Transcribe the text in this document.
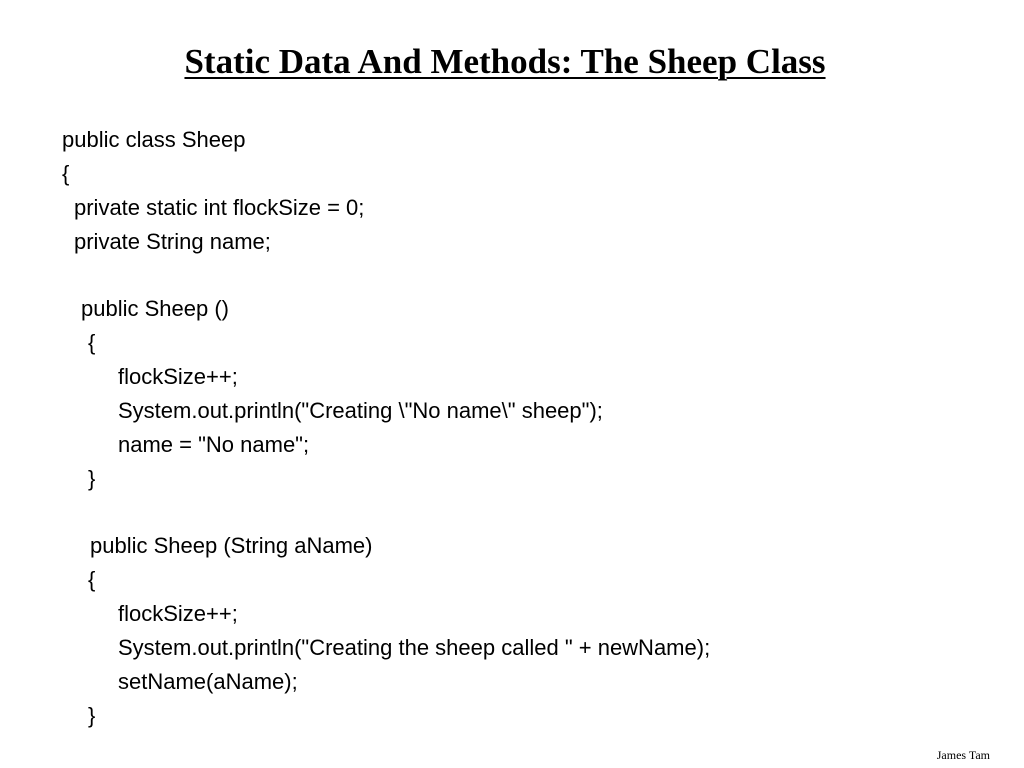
Static Data And Methods: The Sheep Class
public class Sheep
{
private static int flockSize = 0;
private String name;
public Sheep ()
{
flockSize++;
System.out.println("Creating \"No name\" sheep");
name = "No name";
}
public Sheep (String aName)
{
flockSize++;
System.out.println("Creating the sheep called " + newName);
setName(aName);
}
James Tam
